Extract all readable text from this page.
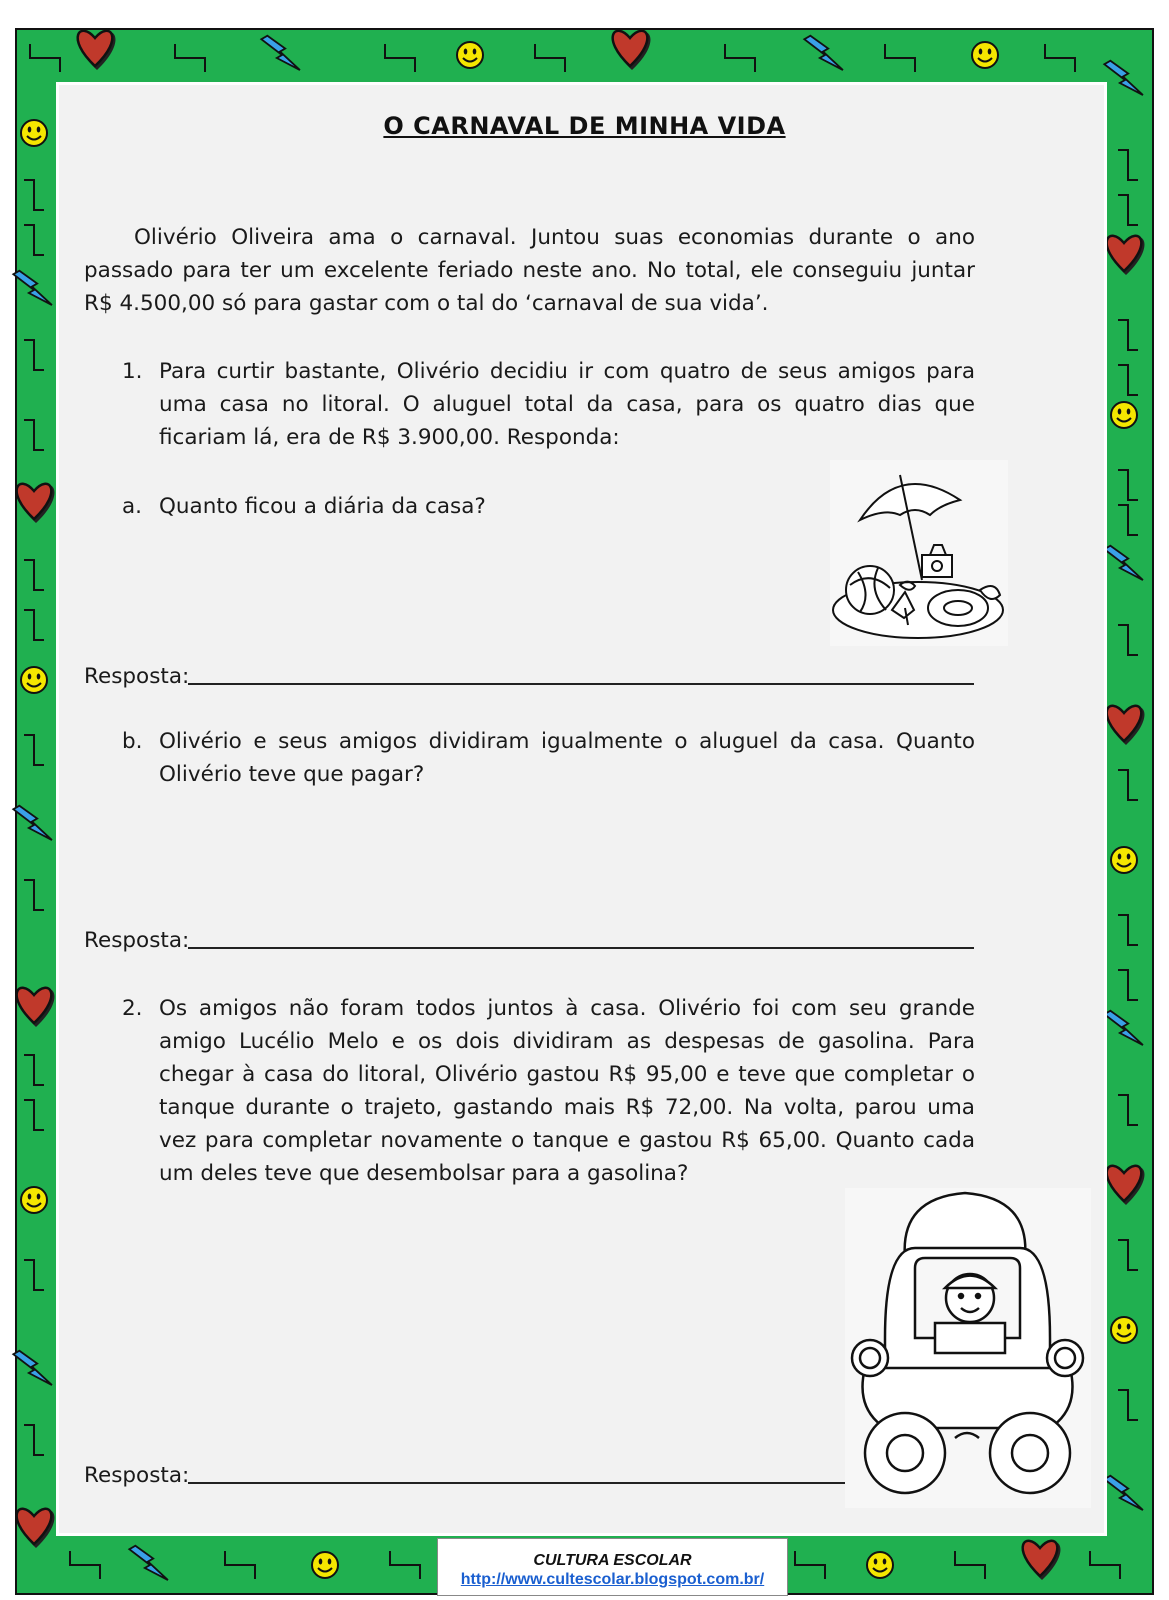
O CARNAVAL DE MINHA VIDA
Olivério Oliveira ama o carnaval. Juntou suas economias durante o ano passado para ter um excelente feriado neste ano. No total, ele conseguiu juntar R$ 4.500,00 só para gastar com o tal do ‘carnaval de sua vida’.
1. Para curtir bastante, Olivério decidiu ir com quatro de seus amigos para uma casa no litoral. O aluguel total da casa, para os quatro dias que ficariam lá, era de R$ 3.900,00. Responda:
a. Quanto ficou a diária da casa?
Resposta:
b. Olivério e seus amigos dividiram igualmente o aluguel da casa. Quanto Olivério teve que pagar?
Resposta:
2. Os amigos não foram todos juntos à casa. Olivério foi com seu grande amigo Lucélio Melo e os dois dividiram as despesas de gasolina. Para chegar à casa do litoral, Olivério gastou R$ 95,00 e teve que completar o tanque durante o trajeto, gastando mais R$ 72,00. Na volta, parou uma vez para completar novamente o tanque e gastou R$ 65,00. Quanto cada um deles teve que desembolsar para a gasolina?
Resposta:
CULTURA ESCOLAR
http://www.cultescolar.blogspot.com.br/
